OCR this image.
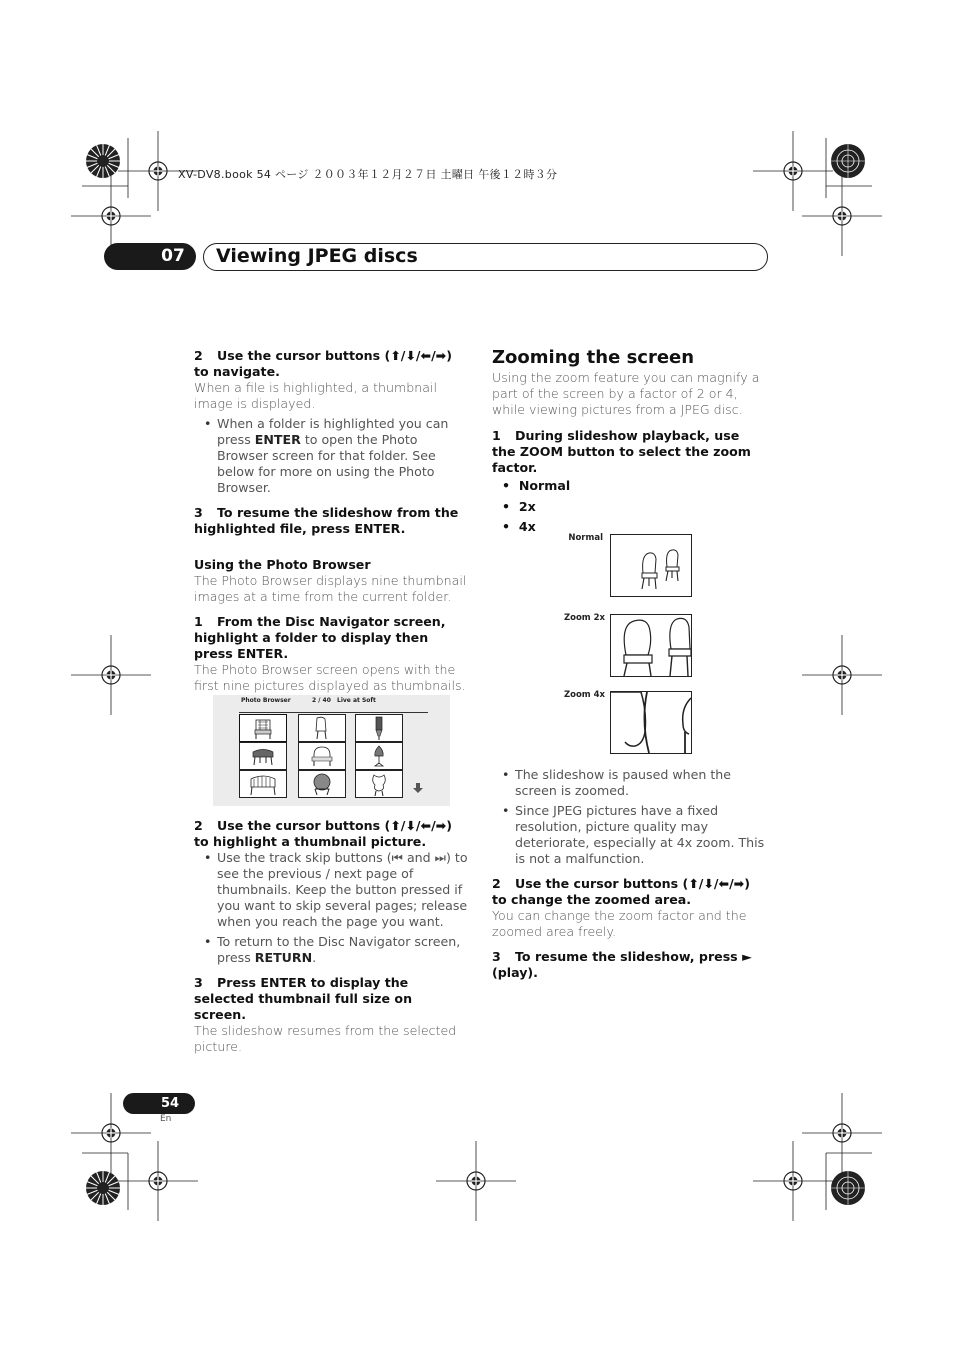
XV-DV8.book 54 ページ ２００３年１２月２７日 土曜日 午後１２時３分
07	Viewing JPEG discs
2 Use the cursor buttons (⬆/⬇/⬅/➡) to navigate.
When a file is highlighted, a thumbnail image is displayed.
• When a folder is highlighted you can press ENTER to open the Photo Browser screen for that folder. See below for more on using the Photo Browser.
3 To resume the slideshow from the highlighted file, press ENTER.
Using the Photo Browser
The Photo Browser displays nine thumbnail images at a time from the current folder.
1 From the Disc Navigator screen, highlight a folder to display then press ENTER.
The Photo Browser screen opens with the first nine pictures displayed as thumbnails.
Photo Browser	2 / 40 Live at Soft
2 Use the cursor buttons (⬆/⬇/⬅/➡) to highlight a thumbnail picture.
• Use the track skip buttons (⏮ and ⏭) to see the previous / next page of thumbnails. Keep the button pressed if you want to skip several pages; release when you reach the page you want.
• To return to the Disc Navigator screen, press RETURN.
3 Press ENTER to display the selected thumbnail full size on screen.
The slideshow resumes from the selected picture.
Zooming the screen
Using the zoom feature you can magnify a part of the screen by a factor of 2 or 4, while viewing pictures from a JPEG disc.
1 During slideshow playback, use the ZOOM button to select the zoom factor.
•  Normal
•  2x
•  4x
Normal
Zoom 2x
Zoom 4x
• The slideshow is paused when the screen is zoomed.
• Since JPEG pictures have a fixed resolution, picture quality may deteriorate, especially at 4x zoom. This is not a malfunction.
2 Use the cursor buttons (⬆/⬇/⬅/➡) to change the zoomed area.
You can change the zoom factor and the zoomed area freely.
3 To resume the slideshow, press ► (play).
54
En
